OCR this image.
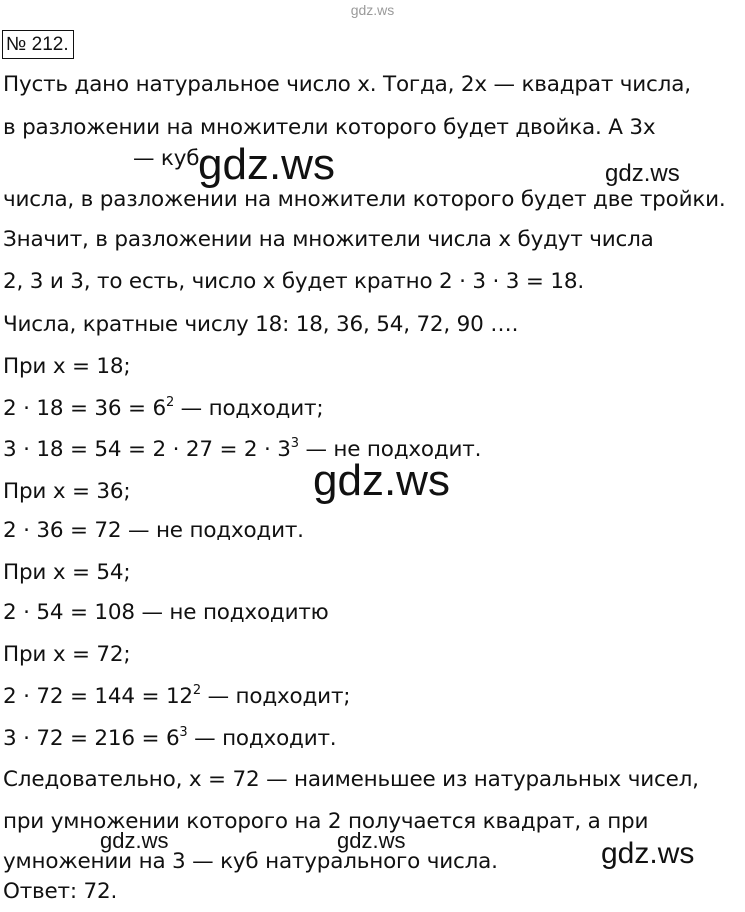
gdz.ws
№ 212.
Пусть дано натуральное число x. Тогда, 2x — квадрат числа,
в разложении на множители которого будет двойка. А 3x
— куб
числа, в разложении на множители которого будет две тройки.
Значит, в разложении на множители числа x будут числа
2, 3 и 3, то есть, число x будет кратно 2 · 3 · 3 = 18.
Числа, кратные числу 18: 18, 36, 54, 72, 90 ….
При x = 18;
$2 \cdot 18 = 36 = 6^2$ — подходит;
$3 \cdot 18 = 54 = 2 \cdot 27 = 2 \cdot 3^3$ — не подходит.
При x = 36;
2 · 36 = 72 — не подходит.
При x = 54;
2 · 54 = 108 — не подходитю
При x = 72;
$2 \cdot 72 = 144 = 12^2$ — подходит;
$3 \cdot 72 = 216 = 6^3$ — подходит.
Следовательно, x = 72 — наименьшее из натуральных чисел,
при умножении которого на 2 получается квадрат, а при
умножении на 3 — куб натурального числа.
Ответ: 72.
gdz.ws	gdz.ws
gdz.ws
gdz.ws	gdz.ws	gdz.ws
